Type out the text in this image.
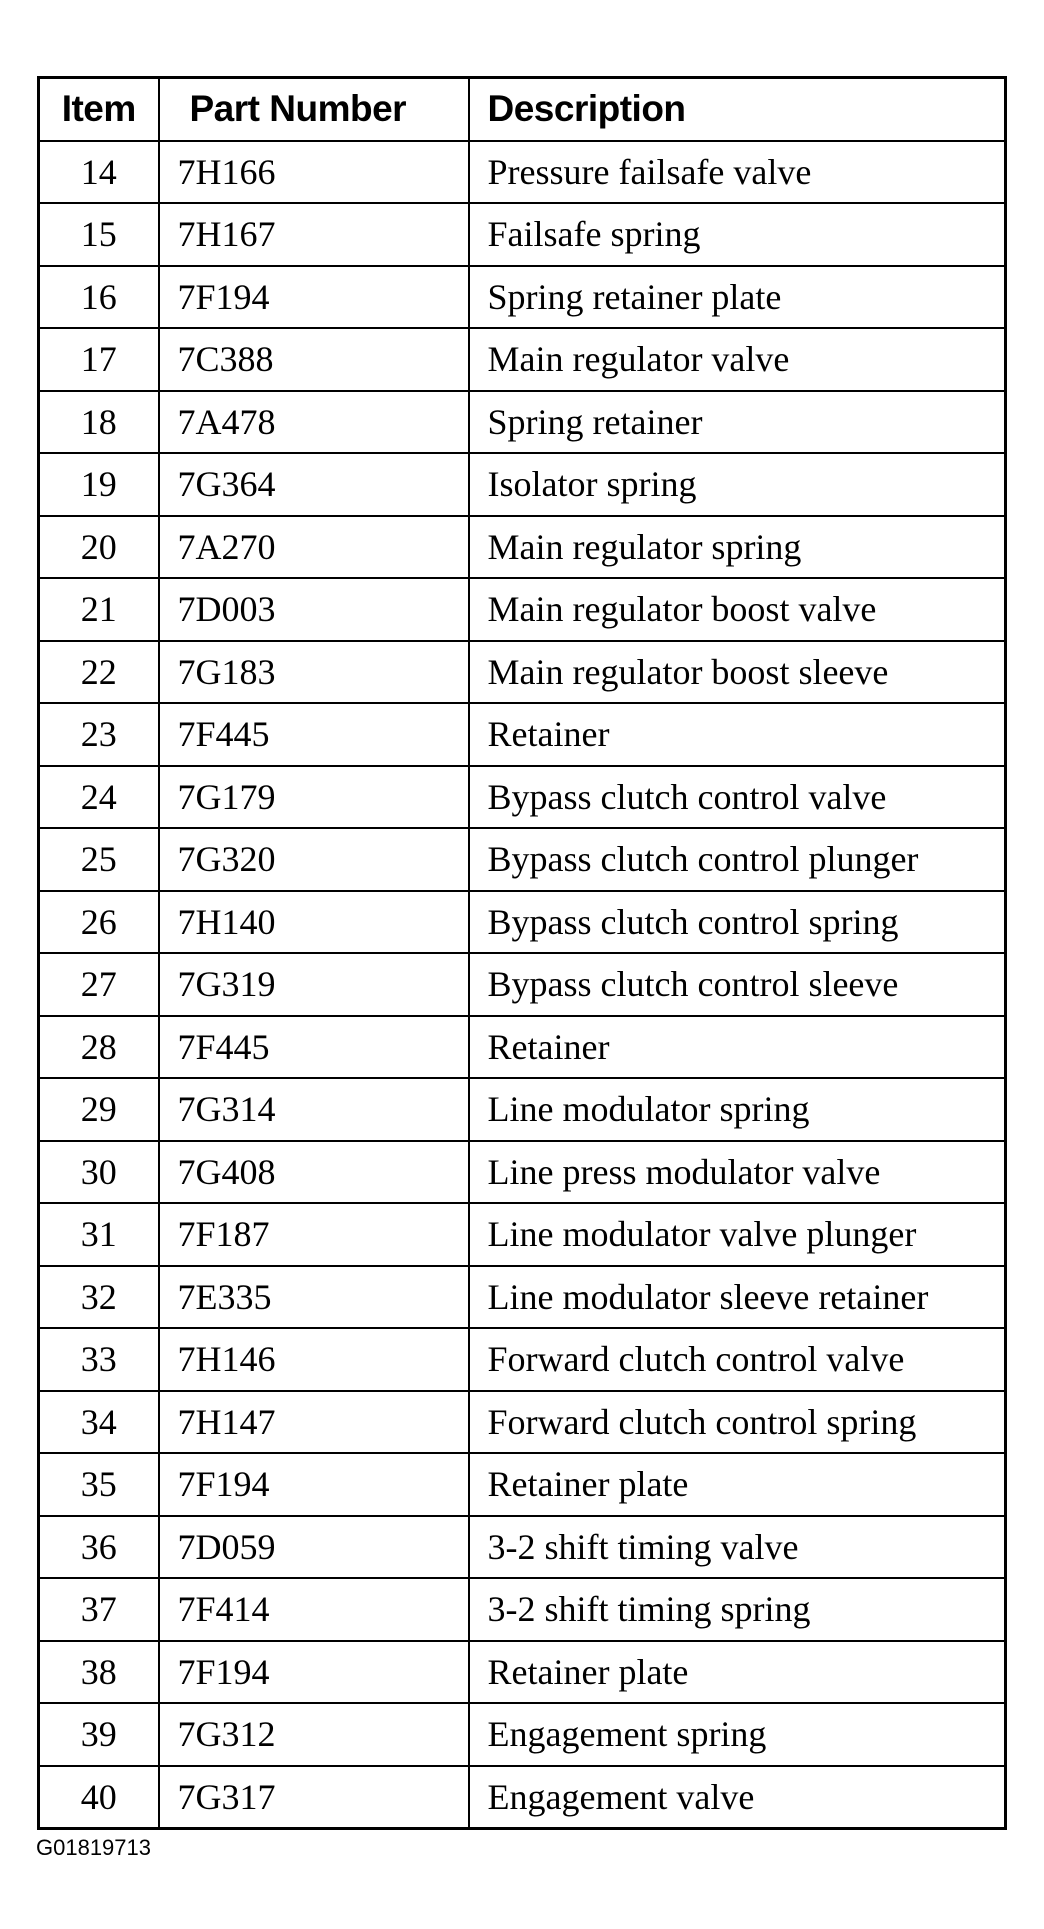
Item	Part Number	Description
14	7H166	Pressure failsafe valve
15	7H167	Failsafe spring
16	7F194	Spring retainer plate
17	7C388	Main regulator valve
18	7A478	Spring retainer
19	7G364	Isolator spring
20	7A270	Main regulator spring
21	7D003	Main regulator boost valve
22	7G183	Main regulator boost sleeve
23	7F445	Retainer
24	7G179	Bypass clutch control valve
25	7G320	Bypass clutch control plunger
26	7H140	Bypass clutch control spring
27	7G319	Bypass clutch control sleeve
28	7F445	Retainer
29	7G314	Line modulator spring
30	7G408	Line press modulator valve
31	7F187	Line modulator valve plunger
32	7E335	Line modulator sleeve retainer
33	7H146	Forward clutch control valve
34	7H147	Forward clutch control spring
35	7F194	Retainer plate
36	7D059	3-2 shift timing valve
37	7F414	3-2 shift timing spring
38	7F194	Retainer plate
39	7G312	Engagement spring
40	7G317	Engagement valve
G01819713
